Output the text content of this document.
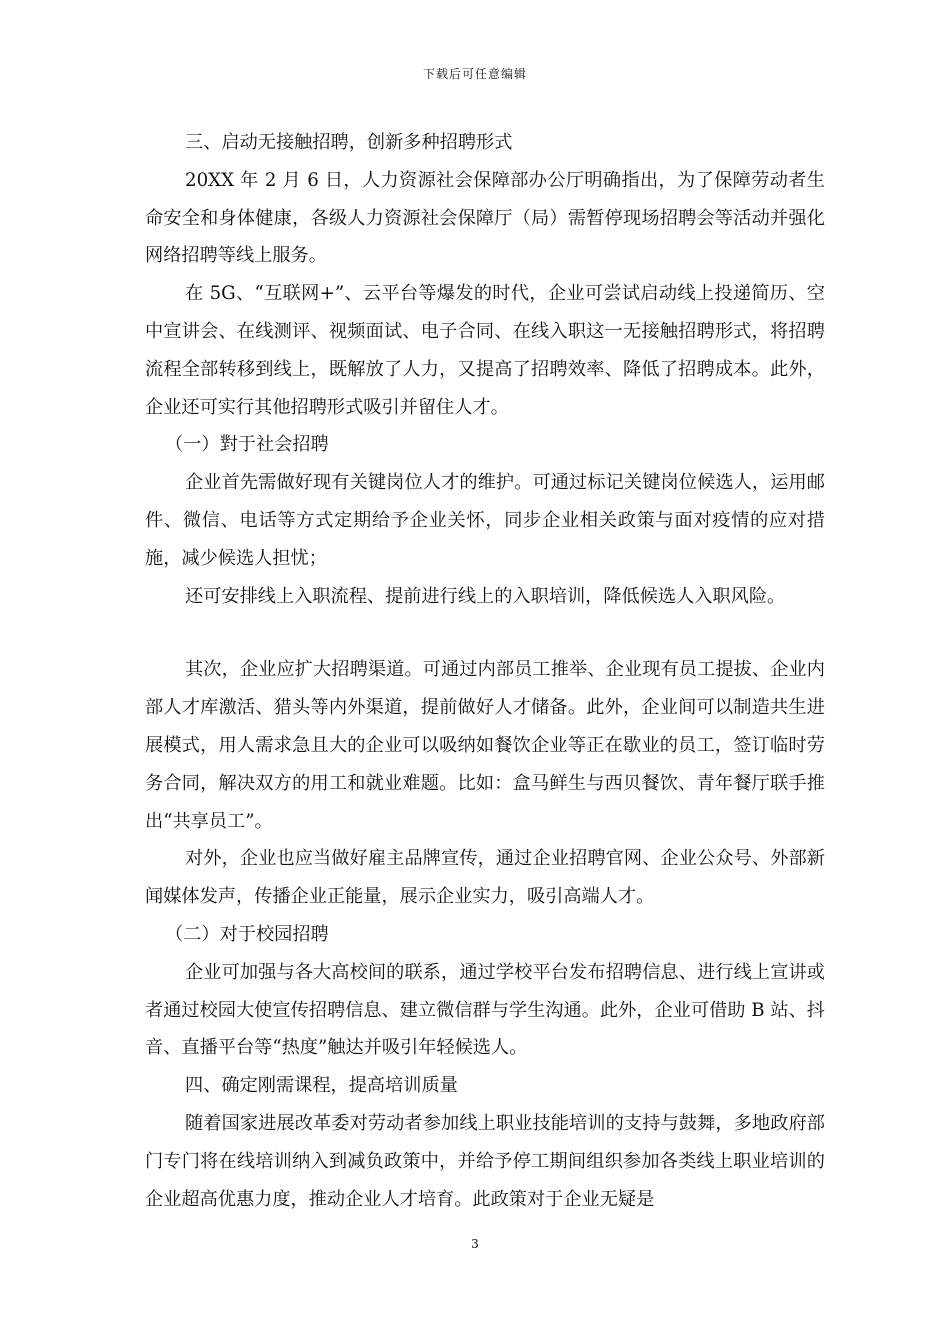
下载后可任意编辑

三、启动无接触招聘，创新多种招聘形式

20XX 年 2 月 6 日，人力资源社会保障部办公厅明确指出，为了保障劳动者生命安全和身体健康，各级人力资源社会保障厅（局）需暂停现场招聘会等活动并强化网络招聘等线上服务。

在 5G、“互联网+”、云平台等爆发的时代，企业可尝试启动线上投递简历、空中宣讲会、在线测评、视频面试、电子合同、在线入职这一无接触招聘形式，将招聘流程全部转移到线上，既解放了人力，又提高了招聘效率、降低了招聘成本。此外，企业还可实行其他招聘形式吸引并留住人才。

（一）對于社会招聘

企业首先需做好现有关键岗位人才的维护。可通过标记关键岗位候选人，运用邮件、微信、电话等方式定期给予企业关怀，同步企业相关政策与面对疫情的应对措施，减少候选人担忧；

还可安排线上入职流程、提前进行线上的入职培训，降低候选人入职风险。

其次，企业应扩大招聘渠道。可通过内部员工推举、企业现有员工提拔、企业内部人才库激活、猎头等内外渠道，提前做好人才储备。此外，企业间可以制造共生进展模式，用人需求急且大的企业可以吸纳如餐饮企业等正在歇业的员工，签订临时劳务合同，解决双方的用工和就业难题。比如：盒马鲜生与西贝餐饮、青年餐厅联手推出“共享员工”。

对外，企业也应当做好雇主品牌宣传，通过企业招聘官网、企业公众号、外部新闻媒体发声，传播企业正能量，展示企业实力，吸引高端人才。

（二）对于校园招聘

企业可加强与各大高校间的联系，通过学校平台发布招聘信息、进行线上宣讲或者通过校园大使宣传招聘信息、建立微信群与学生沟通。此外，企业可借助 B 站、抖音、直播平台等“热度”触达并吸引年轻候选人。

四、确定刚需课程，提高培训质量

随着国家进展改革委对劳动者参加线上职业技能培训的支持与鼓舞，多地政府部门专门将在线培训纳入到减负政策中，并给予停工期间组织参加各类线上职业培训的企业超高优惠力度，推动企业人才培育。此政策对于企业无疑是

3
